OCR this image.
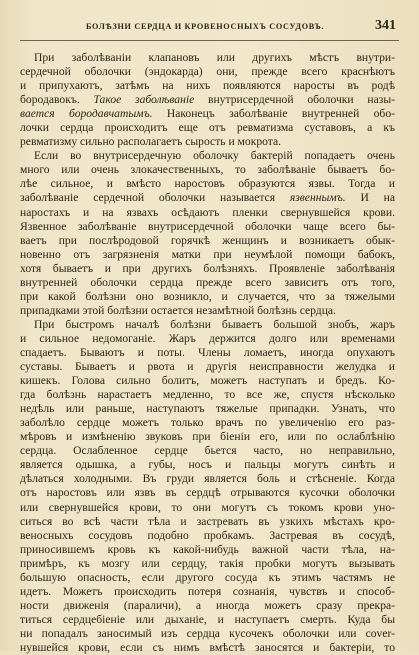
БОЛѢЗНИ СЕРДЦА И КРОВЕНОСНЫХЪ СОСУДОВЪ.	341

При заболѣваніи клапановъ или другихъ мѣстъ внутри-
сердечной оболочки (эндокарда) они, прежде всего краснѣютъ
и припухаютъ, затѣмъ на нихъ появляются наросты въ родѣ
бородавокъ. Такое заболѣваніе внутрисердечной оболочки назы-
вается бородавчатымъ. Наконецъ заболѣваніе внутренней обо-
лочки сердца происходитъ еще отъ ревматизма суставовъ, а къ
ревматизму сильно располагаетъ сырость и мокрота.

Если во внутрисердечную оболочку бактерій попадаетъ очень
много или очень злокачественныхъ, то заболѣваніе бываетъ бо-
лѣе сильное, и вмѣсто наростовъ образуются язвы. Тогда и
заболѣваніе сердечной оболочки называется язвеннымъ. И на
наростахъ и на язвахъ осѣдаютъ пленки свернувшейся крови.
Язвенное заболѣваніе внутрисердечной оболочки чаще всего бы-
ваетъ при послѣродовой горячкѣ женщинъ и возникаетъ обык-
новенно отъ загрязненія матки при неумѣлой помощи бабокъ,
хотя бываетъ и при другихъ болѣзняхъ. Проявленіе заболѣванія
внутренней оболочки сердца прежде всего зависитъ отъ того,
при какой болѣзни оно возникло, и случается, что за тяжелыми
припадками этой болѣзни остается незамѣтной болѣзнь сердца.

При быстромъ началѣ болѣзни бываетъ большой знобъ, жаръ
и сильное недомоганіе. Жаръ держится долго или временами
спадаетъ. Бываютъ и поты. Члены ломаетъ, иногда опухаютъ
суставы. Бываетъ и рвота и другія неисправности желудка и
кишекъ. Голова сильно болитъ, можетъ наступать и бредъ. Ко-
гда болѣзнь нарастаетъ медленно, то все же, спустя нѣсколько
недѣль или раньше, наступаютъ тяжелые припадки. Узнать, что
заболѣло сердце можетъ только врачъ по увеличенію его раз-
мѣровъ и измѣненію звуковъ при біеніи его, или по ослаблѣнію
сердца. Ослабленное сердце бьется часто, но неправильно,
является одышка, а губы, носъ и пальцы могутъ синѣть и
дѣлаться холодными. Въ груди является боль и стѣсненіе. Когда
отъ наростовъ или язвъ въ сердцѣ отрываются кусочки оболочки
или свернувшейся крови, то они могутъ съ токомъ крови уно-
ситься во всѣ части тѣла и застревать въ узкихъ мѣстахъ кро-
веносныхъ сосудовъ подобно пробкамъ. Застревая въ сосудѣ,
приносившемъ кровь къ какой-нибудь важной части тѣла, на-
примѣръ, къ мозгу или сердцу, такія пробки могутъ вызывать
большую опасность, если другого сосуда къ этимъ частямъ не
идетъ. Можетъ происходить потеря сознанія, чувствъ и способ-
ности движенія (параличи), а иногда можетъ сразу прекра-
титься сердцебіеніе или дыханіе, и наступаетъ смерть. Куда бы
ни попадалъ заносимый изъ сердца кусочекъ оболочки или сover-
нувшейся крови, если съ нимъ вмѣстѣ заносятся и бактеріи, то
